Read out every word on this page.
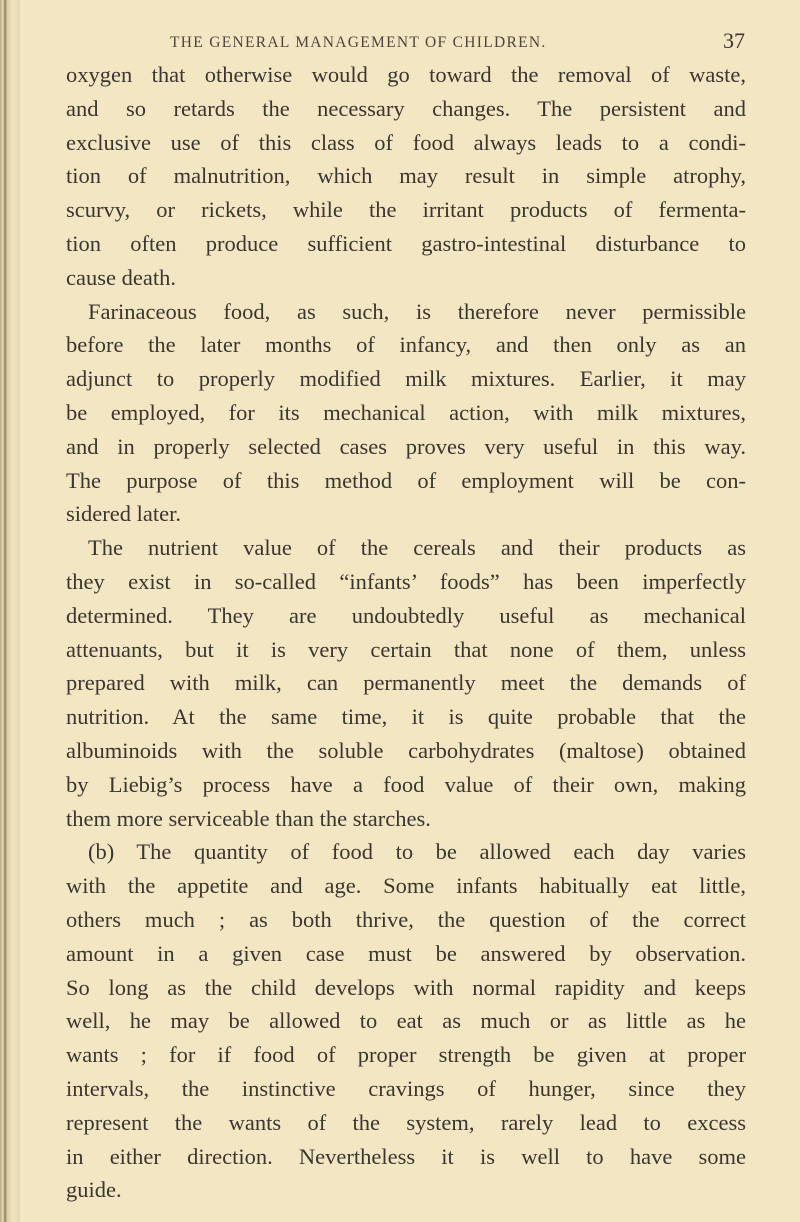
THE GENERAL MANAGEMENT OF CHILDREN.	37
oxygen that otherwise would go toward the removal of waste,
and so retards the necessary changes. The persistent and
exclusive use of this class of food always leads to a condi-
tion of malnutrition, which may result in simple atrophy,
scurvy, or rickets, while the irritant products of fermenta-
tion often produce sufficient gastro-intestinal disturbance to
cause death.
Farinaceous food, as such, is therefore never permissible
before the later months of infancy, and then only as an
adjunct to properly modified milk mixtures. Earlier, it may
be employed, for its mechanical action, with milk mixtures,
and in properly selected cases proves very useful in this way.
The purpose of this method of employment will be con-
sidered later.
The nutrient value of the cereals and their products as
they exist in so-called “infants’ foods” has been imperfectly
determined. They are undoubtedly useful as mechanical
attenuants, but it is very certain that none of them, unless
prepared with milk, can permanently meet the demands of
nutrition. At the same time, it is quite probable that the
albuminoids with the soluble carbohydrates (maltose) obtained
by Liebig’s process have a food value of their own, making
them more serviceable than the starches.
(b) The quantity of food to be allowed each day varies
with the appetite and age. Some infants habitually eat little,
others much ; as both thrive, the question of the correct
amount in a given case must be answered by observation.
So long as the child develops with normal rapidity and keeps
well, he may be allowed to eat as much or as little as he
wants ; for if food of proper strength be given at proper
intervals, the instinctive cravings of hunger, since they
represent the wants of the system, rarely lead to excess
in either direction. Nevertheless it is well to have some
guide.
